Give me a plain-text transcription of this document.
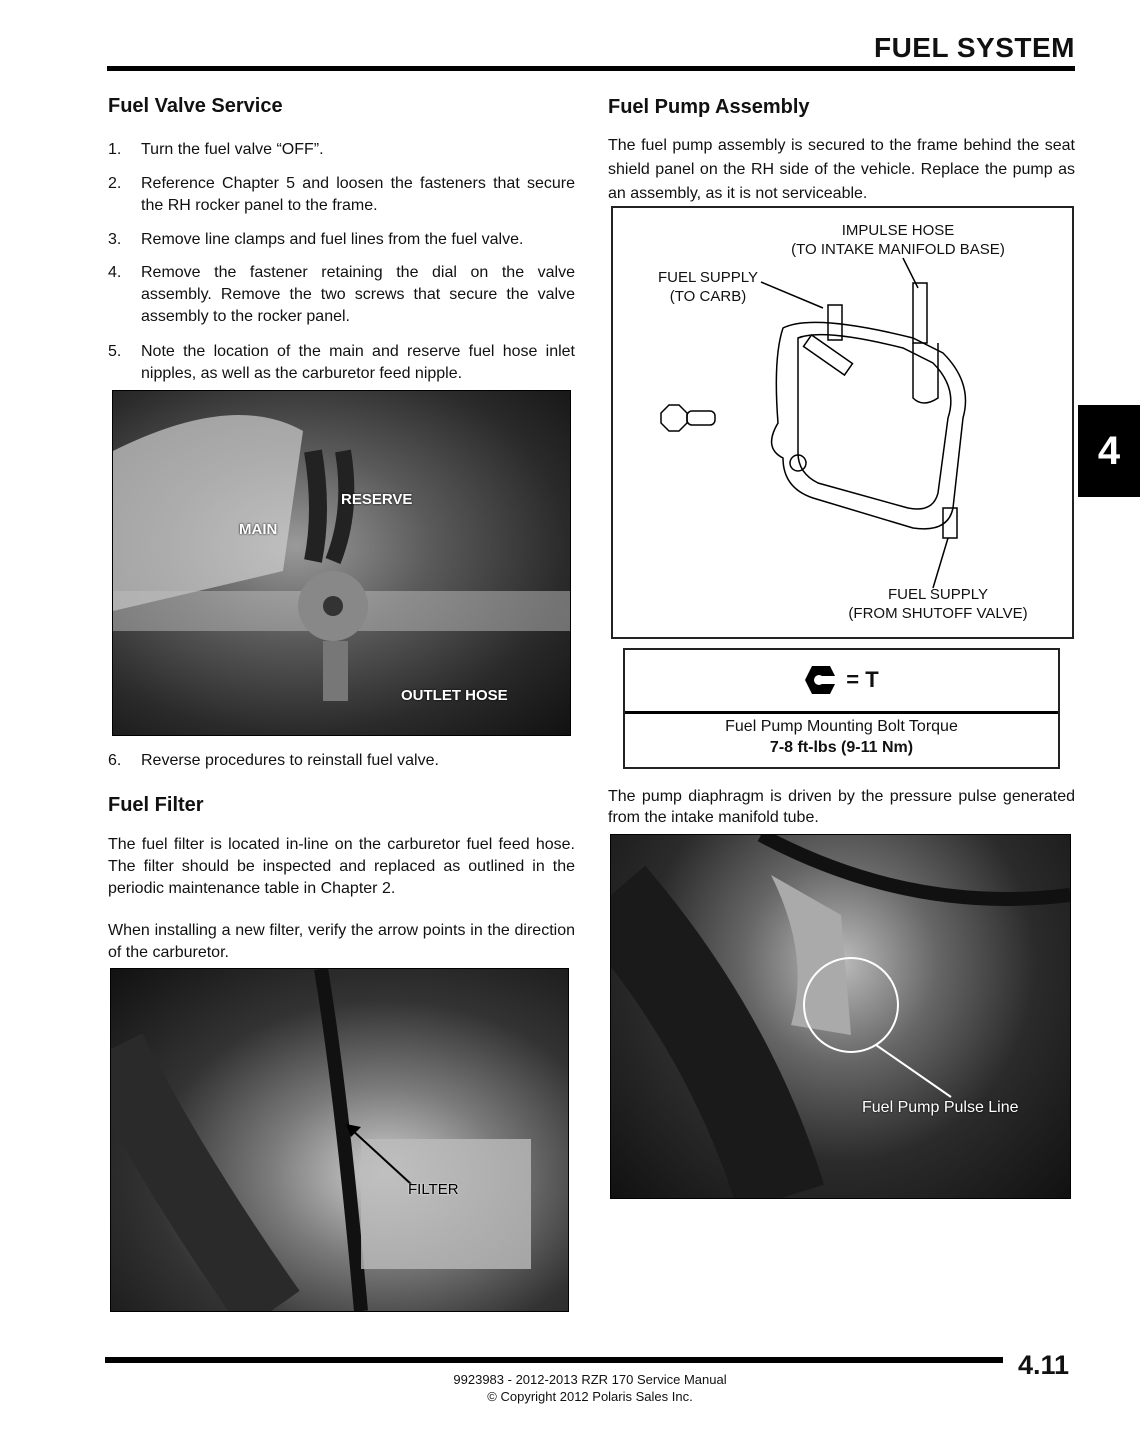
FUEL SYSTEM
4
Fuel Valve Service
1.	Turn the fuel valve “OFF”.
2.	Reference Chapter 5 and loosen the fasteners that secure the RH rocker panel to the frame.
3.	Remove line clamps and fuel lines from the fuel valve.
4.	Remove the fastener retaining the dial on the valve assembly. Remove the two screws that secure the valve assembly to the rocker panel.
5.	Note the location of the main and reserve fuel hose inlet nipples, as well as the carburetor feed nipple.
RESERVE
MAIN
OUTLET HOSE
6.	Reverse procedures to reinstall fuel valve.
Fuel Filter
The fuel filter is located in-line on the carburetor fuel feed hose. The filter should be inspected and replaced as outlined in the periodic maintenance table in Chapter 2.
When installing a new filter, verify the arrow points in the direction of the carburetor.
FILTER
Fuel Pump Assembly
The fuel pump assembly is secured to the frame behind the seat shield panel on the RH side of the vehicle. Replace the pump as an assembly, as it is not serviceable.
IMPULSE HOSE
(TO INTAKE MANIFOLD BASE)
FUEL SUPPLY
(TO CARB)
FUEL SUPPLY
(FROM SHUTOFF VALVE)
= T
Fuel Pump Mounting Bolt Torque
7-8 ft-lbs (9-11 Nm)
The pump diaphragm is driven by the pressure pulse generated from the intake manifold tube.
Fuel Pump Pulse Line
4.11
9923983 - 2012-2013 RZR 170 Service Manual
© Copyright 2012 Polaris Sales Inc.
